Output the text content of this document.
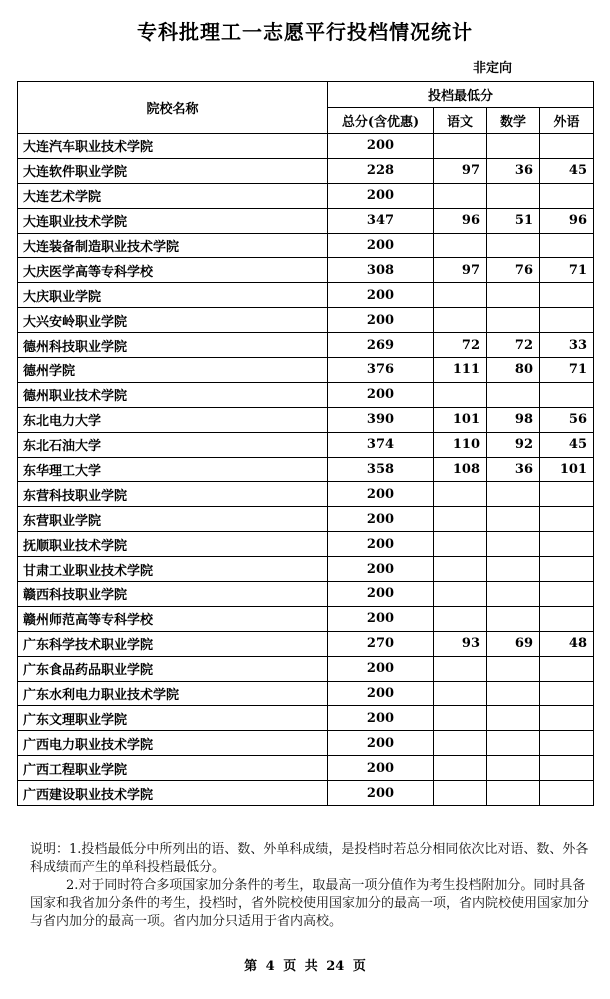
专科批理工一志愿平行投档情况统计
非定向
院校名称	投档最低分			
	总分(含优惠)	语文	数学	外语
大连汽车职业技术学院	200			
大连软件职业学院	228	97	36	45
大连艺术学院	200			
大连职业技术学院	347	96	51	96
大连装备制造职业技术学院	200			
大庆医学高等专科学校	308	97	76	71
大庆职业学院	200			
大兴安岭职业学院	200			
德州科技职业学院	269	72	72	33
德州学院	376	111	80	71
德州职业技术学院	200			
东北电力大学	390	101	98	56
东北石油大学	374	110	92	45
东华理工大学	358	108	36	101
东营科技职业学院	200			
东营职业学院	200			
抚顺职业技术学院	200			
甘肃工业职业技术学院	200			
赣西科技职业学院	200			
赣州师范高等专科学校	200			
广东科学技术职业学院	270	93	69	48
广东食品药品职业学院	200			
广东水利电力职业技术学院	200			
广东文理职业学院	200			
广西电力职业技术学院	200			
广西工程职业学院	200			
广西建设职业技术学院	200			

说明：1.投档最低分中所列出的语、数、外单科成绩，是投档时若总分相同依次比对语、数、外各科成绩而产生的单科投档最低分。

2.对于同时符合多项国家加分条件的考生，取最高一项分值作为考生投档附加分。同时具备国家和我省加分条件的考生，投档时，省外院校使用国家加分的最高一项，省内院校使用国家加分与省内加分的最高一项。省内加分只适用于省内高校。

第 4 页 共 24 页
